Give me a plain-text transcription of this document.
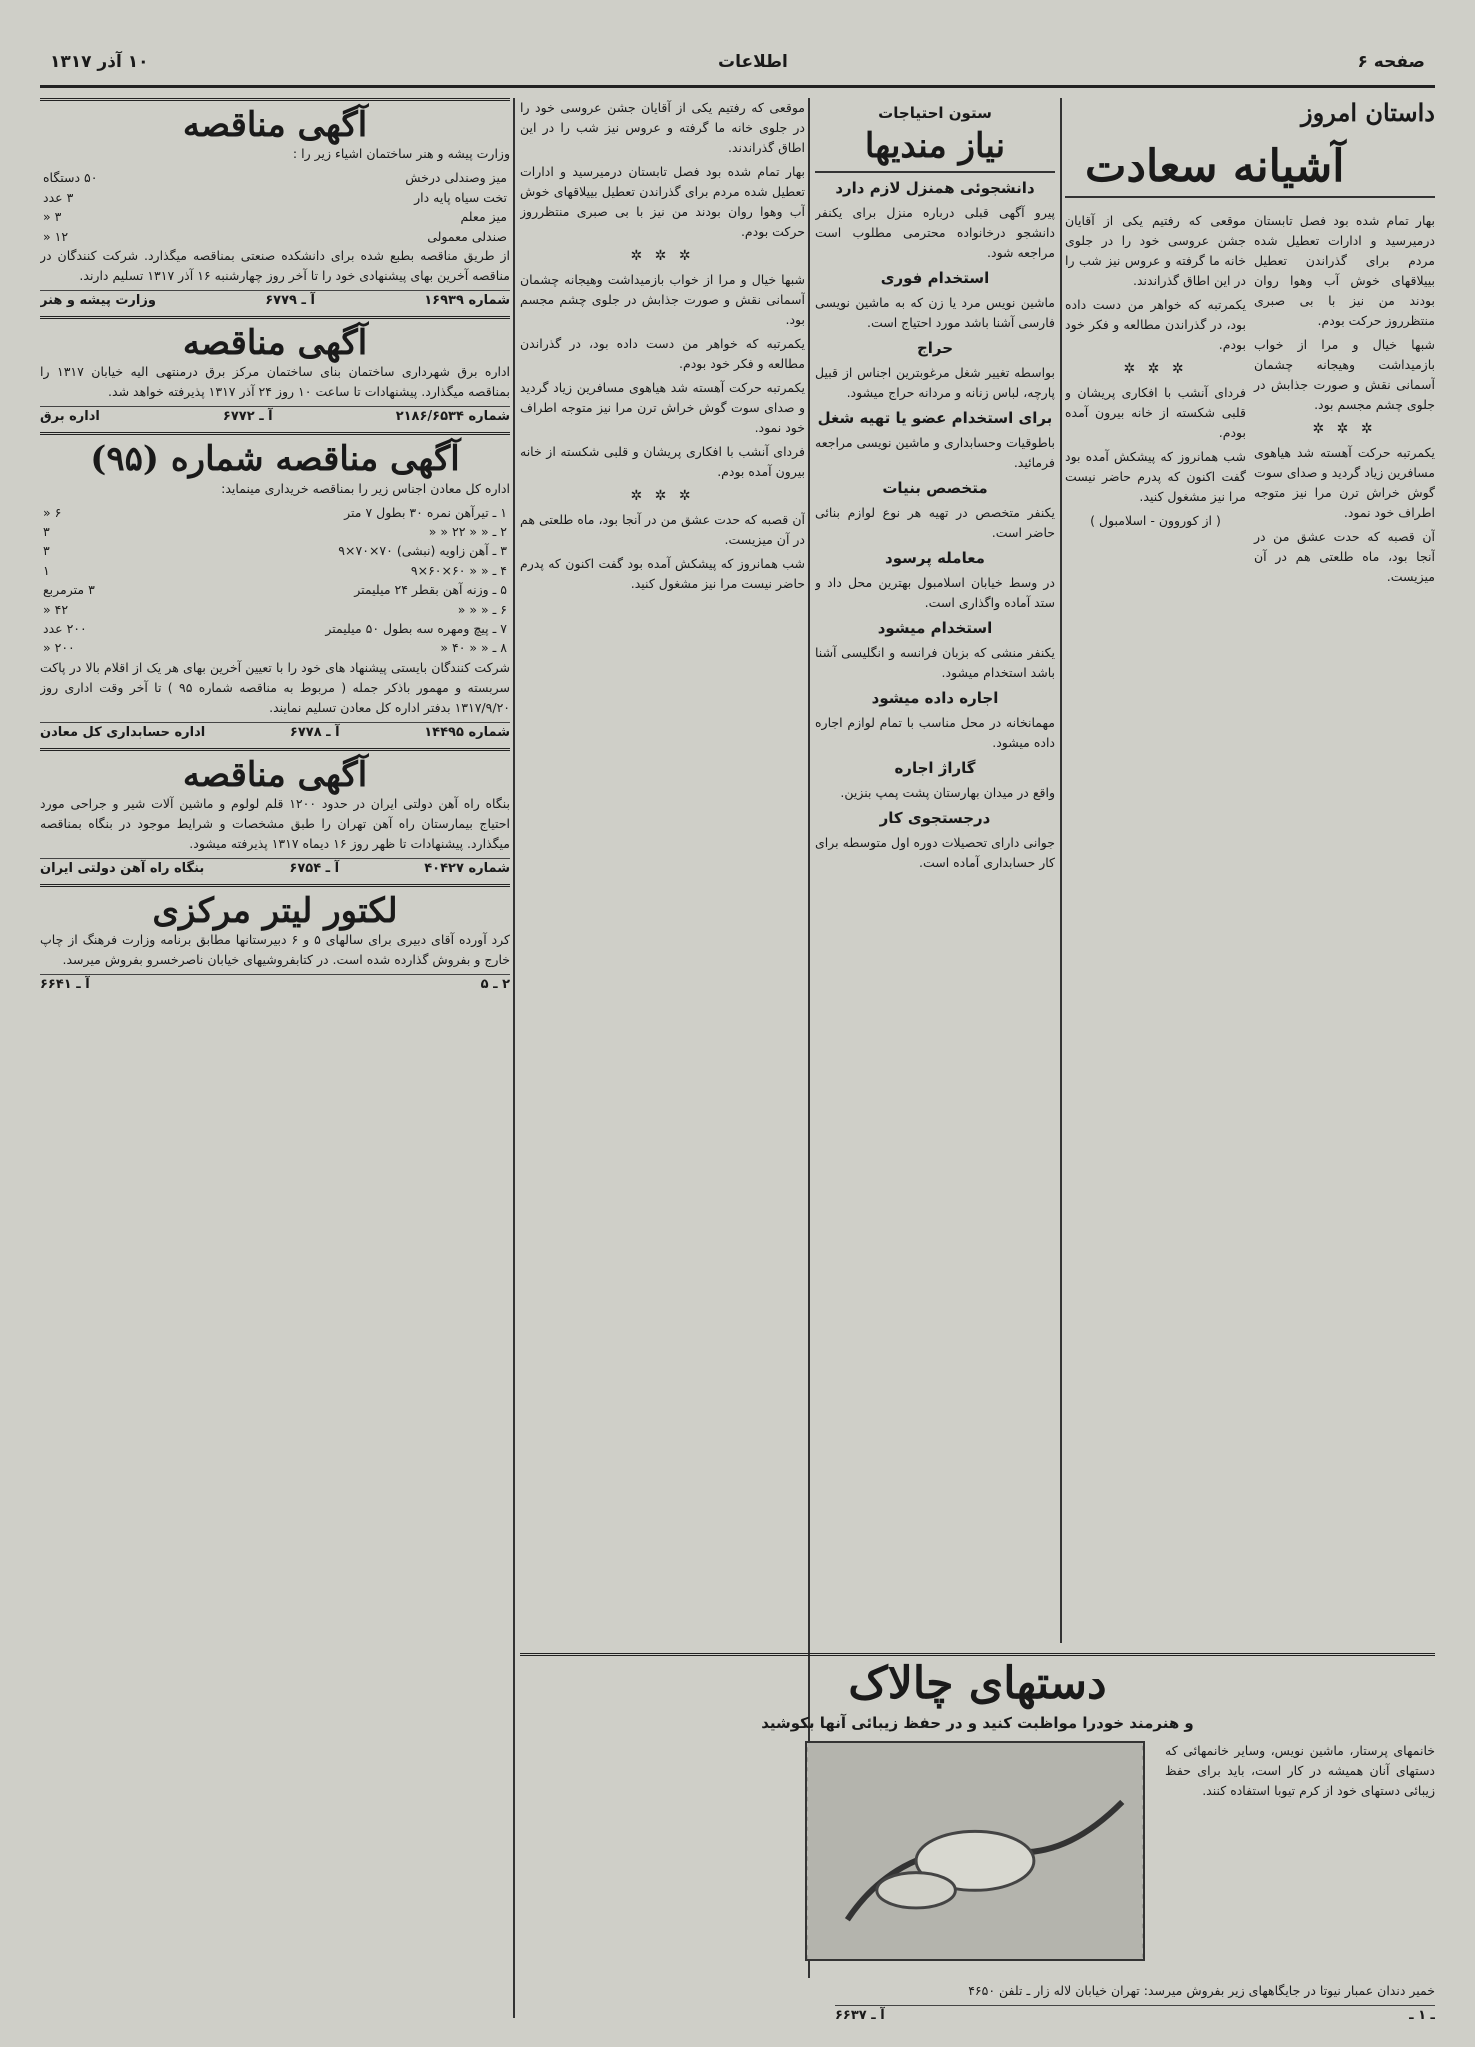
صفحه ۶
اطلاعات
۱۰ آذر ۱۳۱۷
داستان امروز
آشیانه سعادت

بهار تمام شده بود فصل تابستان درمیرسید و ادارات تعطیل شده مردم برای گذراندن تعطیل بییلاقهای خوش آب وهوا روان بودند من نیز با بی صبری منتظرروز حرکت بودم.

شبها خیال و مرا از خواب بازمیداشت وهیجانه چشمان آسمانی نقش و صورت جذابش در جلوی چشم مجسم بود.

✲ ✲ ✲

یکمرتبه حرکت آهسته شد هیاهوی مسافرین زیاد گردید و صدای سوت گوش خراش ترن مرا نیز متوجه اطراف خود نمود.

آن قصبه که حدت عشق من در آنجا بود، ماه طلعتی هم در آن میزیست.

موقعی که رفتیم یکی از آقایان جشن عروسی خود را در جلوی خانه ما گرفته و عروس نیز شب را در این اطاق گذراندند.

یکمرتبه که خواهر من دست داده بود، در گذراندن مطالعه و فکر خود بودم.

✲ ✲ ✲

فردای آنشب با افکاری پریشان و قلبی شکسته از خانه بیرون آمده بودم.

شب همانروز که پیشکش آمده بود گفت اکنون که پدرم حاضر نیست مرا نیز مشغول کنید.

( از کوروون - اسلامبول )

ستون احتیاجات
نیاز مندیها
دانشجوئی همنزل لازم دارد

پیرو آگهی قبلی درباره منزل برای یکنفر دانشجو درخانواده محترمی مطلوب است مراجعه شود.

استخدام فوری

ماشین نویس مرد یا زن که به ماشین نویسی فارسی آشنا باشد مورد احتیاج است.

حراج

بواسطه تغییر شغل مرغوبترین اجناس از قبیل پارچه، لباس زنانه و مردانه حراج میشود.

برای استخدام عضو یا تهیه شغل

باطوقیات وحسابداری و ماشین نویسی مراجعه فرمائید.

متخصص بنیات

یکنفر متخصص در تهیه هر نوع لوازم بنائی حاضر است.

معامله پرسود

در وسط خیابان اسلامبول بهترین محل داد و ستد آماده واگذاری است.

استخدام میشود

یکنفر منشی که بزبان فرانسه و انگلیسی آشنا باشد استخدام میشود.

اجاره داده میشود

مهمانخانه در محل مناسب با تمام لوازم اجاره داده میشود.

گاراژ اجاره

واقع در میدان بهارستان پشت پمپ بنزین.

درجستجوی کار

جوانی دارای تحصیلات دوره اول متوسطه برای کار حسابداری آماده است.

موقعی که رفتیم یکی از آقایان جشن عروسی خود را در جلوی خانه ما گرفته و عروس نیز شب را در این اطاق گذراندند.

بهار تمام شده بود فصل تابستان درمیرسید و ادارات تعطیل شده مردم برای گذراندن تعطیل بییلاقهای خوش آب وهوا روان بودند من نیز با بی صبری منتظرروز حرکت بودم.

✲ ✲ ✲

شبها خیال و مرا از خواب بازمیداشت وهیجانه چشمان آسمانی نقش و صورت جذابش در جلوی چشم مجسم بود.

یکمرتبه که خواهر من دست داده بود، در گذراندن مطالعه و فکر خود بودم.

یکمرتبه حرکت آهسته شد هیاهوی مسافرین زیاد گردید و صدای سوت گوش خراش ترن مرا نیز متوجه اطراف خود نمود.

فردای آنشب با افکاری پریشان و قلبی شکسته از خانه بیرون آمده بودم.

✲ ✲ ✲

آن قصبه که حدت عشق من در آنجا بود، ماه طلعتی هم در آن میزیست.

شب همانروز که پیشکش آمده بود گفت اکنون که پدرم حاضر نیست مرا نیز مشغول کنید.

آگهی مناقصه

وزارت پیشه و هنر ساختمان اشیاء زیر را :

میز وصندلی درخش	۵۰ دستگاه
تخت سیاه پایه دار	۳ عدد
میز معلم	۳ «
صندلی معمولی	۱۲ «

از طریق مناقصه بطبع شده برای دانشکده صنعتی بمناقصه میگذارد. شرکت کنندگان در مناقصه آخرین بهای پیشنهادی خود را تا آخر روز چهارشنبه ۱۶ آذر ۱۳۱۷ تسلیم دارند.

شماره ۱۶۹۳۹
آ ـ ۶۷۷۹
وزارت پیشه و هنر
آگهی مناقصه

اداره برق شهرداری ساختمان بنای ساختمان مرکز برق درمنتهی الیه خیابان ۱۳۱۷ را بمناقصه میگذارد. پیشنهادات تا ساعت ۱۰ روز ۲۴ آذر ۱۳۱۷ پذیرفته خواهد شد.

شماره ۲۱۸۶/۶۵۳۴
آ ـ ۶۷۷۲
اداره برق
آگهی مناقصه شماره (۹۵)

اداره کل معادن اجناس زیر را بمناقصه خریداری مینماید:

۱ ـ تیرآهن نمره ۳۰ بطول ۷ متر	۶ «
۲ ـ « « ۲۲ « «	۳
۳ ـ آهن زاویه (نبشی) ۷۰×۷۰×۹	۳
۴ ـ « « ۶۰×۶۰×۹	۱
۵ ـ وزنه آهن بقطر ۲۴ میلیمتر	۳ مترمربع
۶ ـ « « «	۴۲ «
۷ ـ پیچ ومهره سه بطول ۵۰ میلیمتر	۲۰۰ عدد
۸ ـ « « ۴۰ «	۲۰۰ «

شرکت کنندگان بایستی پیشنهاد های خود را با تعیین آخرین بهای هر یک از اقلام بالا در پاکت سربسته و مهمور باذکر جمله ( مربوط به مناقصه شماره ۹۵ ) تا آخر وقت اداری روز ۱۳۱۷/۹/۲۰ بدفتر اداره کل معادن تسلیم نمایند.

شماره ۱۴۴۹۵
آ ـ ۶۷۷۸
اداره حسابداری کل معادن
آگهی مناقصه

بنگاه راه آهن دولتی ایران در حدود ۱۲۰۰ قلم لولوم و ماشین آلات شیر و جراحی مورد احتیاج بیمارستان راه آهن تهران را طبق مشخصات و شرایط موجود در بنگاه بمناقصه میگذارد. پیشنهادات تا ظهر روز ۱۶ دیماه ۱۳۱۷ پذیرفته میشود.

شماره ۴۰۴۲۷
آ ـ ۶۷۵۴
بنگاه راه آهن دولتی ایران
لکتور لیتر مرکزی

کرد آورده آقای دبیری برای سالهای ۵ و ۶ دبیرستانها مطابق برنامه وزارت فرهنگ از چاپ خارج و بفروش گذارده شده است. در کتابفروشیهای خیابان ناصرخسرو بفروش میرسد.

۲ ـ ۵
آ ـ ۶۶۴۱
دستهای چالاک
و هنرمند خودرا مواظبت کنید و در حفظ زیبائی آنها بکوشید

خانمهای پرستار، ماشین نویس، وسایر خانمهائی که دستهای آنان همیشه در کار است، باید برای حفظ زیبائی دستهای خود از کرم تیوبا استفاده کنند.

خمیر دندان عمبار نیوتا در جایگاههای زیر بفروش میرسد: تهران خیابان لاله زار ـ تلفن ۴۶۵۰

ـ ۱ ـ
آ ـ ۶۶۳۷
